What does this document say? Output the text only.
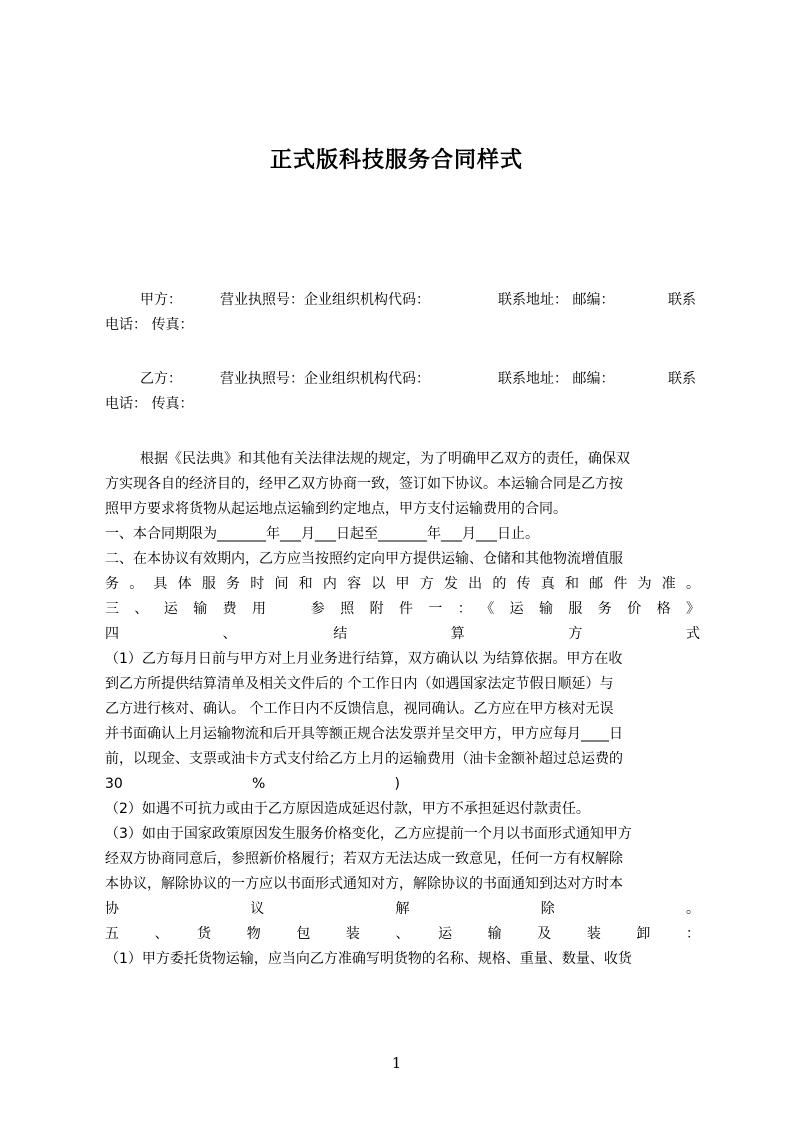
正式版科技服务合同样式
甲方：	营业执照号：企业组织机构代码：	联系地址： 邮编：	联系
电话： 传真：
乙方：	营业执照号：企业组织机构代码：	联系地址： 邮编：	联系
电话： 传真：
根据《民法典》和其他有关法律法规的规定，为了明确甲乙双方的责任，确保双
方实现各自的经济目的，经甲乙双方协商一致，签订如下协议。本运输合同是乙方按
照甲方要求将货物从起运地点运输到约定地点，甲方支付运输费用的合同。
一、本合同期限为_______年___月___日起至_______年___月___日止。
二、在本协议有效期内，乙方应当按照约定向甲方提供运输、仓储和其他物流增值服
务。具体服务时间和内容以甲方发出的传真和邮件为准。
三、运输费用　参照附件一：《运输服务价格》
四　、　结　算　方　式
（1）乙方每月日前与甲方对上月业务进行结算，双方确认以 为结算依据。甲方在收
到乙方所提供结算清单及相关文件后的 个工作日内（如遇国家法定节假日顺延）与
乙方进行核对、确认。 个工作日内不反馈信息，视同确认。乙方应在甲方核对无误
并书面确认上月运输物流和后开具等额正规合法发票并呈交甲方，甲方应每月____日
前，以现金、支票或油卡方式支付给乙方上月的运输费用（油卡金额补超过总运费的
30　%　)
（2）如遇不可抗力或由于乙方原因造成延迟付款，甲方不承担延迟付款责任。
（3）如由于国家政策原因发生服务价格变化，乙方应提前一个月以书面形式通知甲方
经双方协商同意后，参照新价格履行；若双方无法达成一致意见，任何一方有权解除
本协议，解除协议的一方应以书面形式通知对方，解除协议的书面通知到达对方时本
协　议　解　除　。
五　、　货　物　包　装　、　运　输　及　装　卸　：
（1）甲方委托货物运输，应当向乙方准确写明货物的名称、规格、重量、数量、收货
1
